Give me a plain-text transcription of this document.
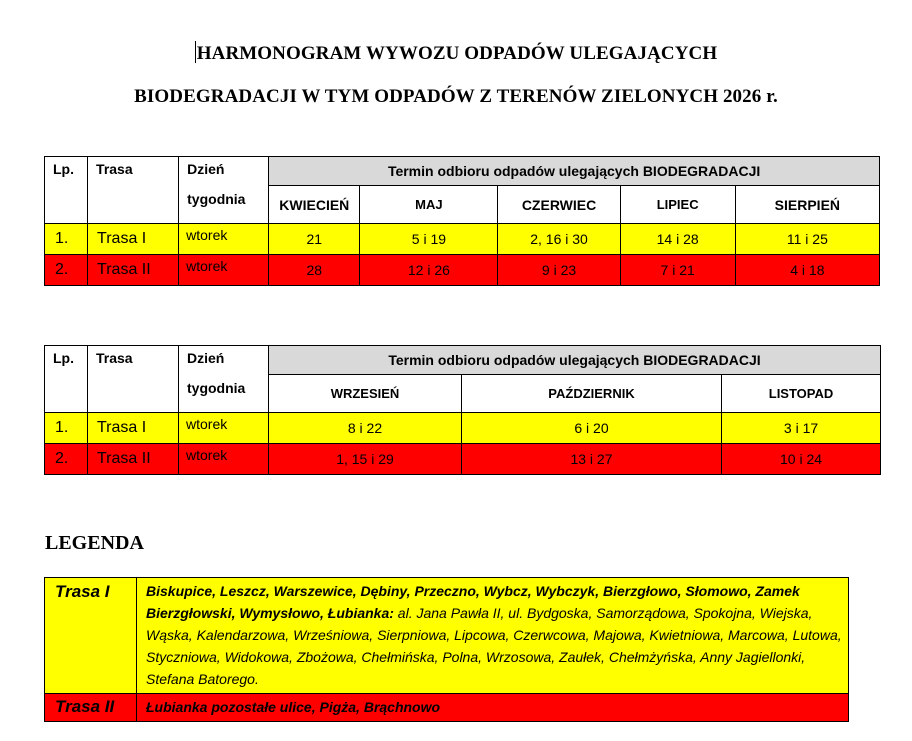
HARMONOGRAM WYWOZU ODPADÓW ULEGAJĄCYCH
BIODEGRADACJI W TYM ODPADÓW Z TERENÓW ZIELONYCH 2026 r.
Lp.	Trasa	Dzień
tygodnia	Termin odbioru odpadów ulegających BIODEGRADACJI				
			KWIECIEŃ	MAJ	CZERWIEC	LIPIEC	SIERPIEŃ
1.	Trasa I	wtorek	21	5 i 19	2, 16 i 30	14 i 28	11 i 25
2.	Trasa II	wtorek	28	12 i 26	9 i 23	7 i 21	4 i 18
Lp.	Trasa	Dzień
tygodnia	Termin odbioru odpadów ulegających BIODEGRADACJI		
			WRZESIEŃ	PAŹDZIERNIK	LISTOPAD
1.	Trasa I	wtorek	8 i 22	6 i 20	3 i 17
2.	Trasa II	wtorek	1, 15 i 29	13 i 27	10 i 24
LEGENDA
Trasa I	Biskupice, Leszcz, Warszewice, Dębiny, Przeczno, Wybcz, Wybczyk, Bierzgłowo, Słomowo, Zamek Bierzgłowski, Wymysłowo, Łubianka: al. Jana Pawła II, ul. Bydgoska, Samorządowa, Spokojna, Wiejska, Wąska, Kalendarzowa, Wrześniowa, Sierpniowa, Lipcowa, Czerwcowa, Majowa, Kwietniowa, Marcowa, Lutowa, Styczniowa, Widokowa, Zbożowa, Chełmińska, Polna, Wrzosowa, Zaułek, Chełmżyńska, Anny Jagiellonki, Stefana Batorego.
Trasa II	Łubianka pozostałe ulice, Pigża, Brąchnowo
